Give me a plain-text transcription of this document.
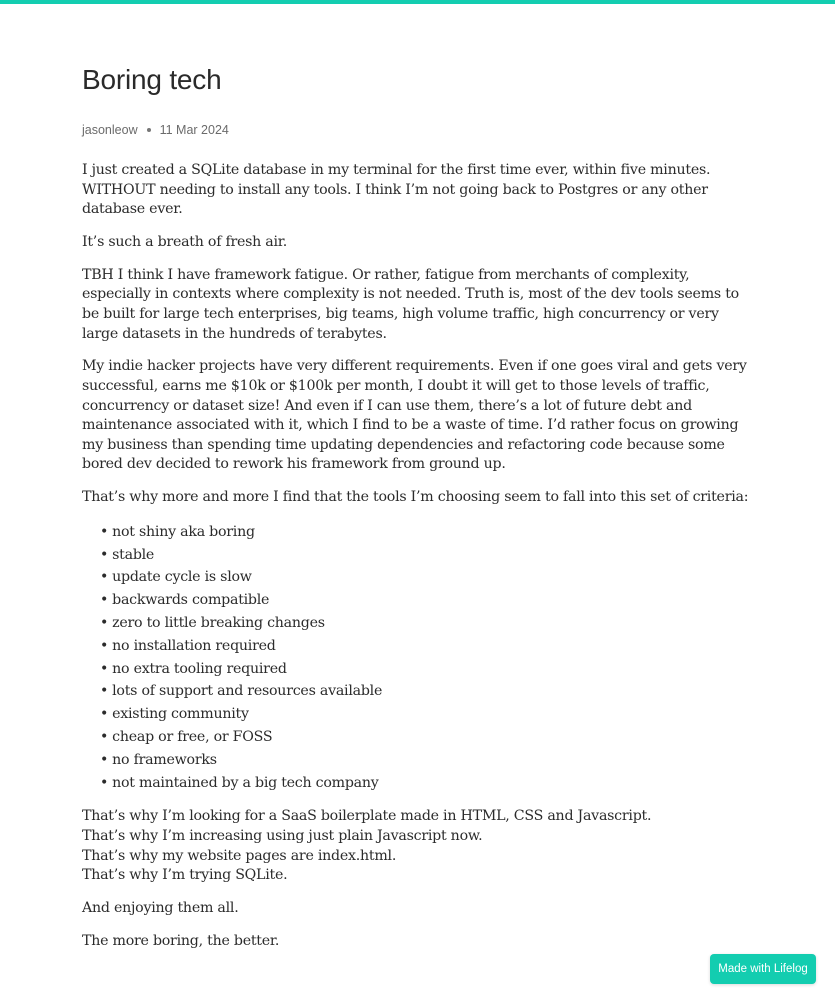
Boring tech
jasonleow 11 Mar 2024

I just created a SQLite database in my terminal for the first time ever, within five minutes. WITHOUT needing to install any tools. I think I’m not going back to Postgres or any other database ever.

It’s such a breath of fresh air.

TBH I think I have framework fatigue. Or rather, fatigue from merchants of complexity, especially in contexts where complexity is not needed. Truth is, most of the dev tools seems to be built for large tech enterprises, big teams, high volume traffic, high concurrency or very large datasets in the hundreds of terabytes.

My indie hacker projects have very different requirements. Even if one goes viral and gets very successful, earns me $10k or $100k per month, I doubt it will get to those levels of traffic, concurrency or dataset size! And even if I can use them, there’s a lot of future debt and maintenance associated with it, which I find to be a waste of time. I’d rather focus on growing my business than spending time updating dependencies and refactoring code because some bored dev decided to rework his framework from ground up.

That’s why more and more I find that the tools I’m choosing seem to fall into this set of criteria:

• not shiny aka boring
• stable
• update cycle is slow
• backwards compatible
• zero to little breaking changes
• no installation required
• no extra tooling required
• lots of support and resources available
• existing community
• cheap or free, or FOSS
• no frameworks
• not maintained by a big tech company

That’s why I’m looking for a SaaS boilerplate made in HTML, CSS and Javascript.
That’s why I’m increasing using just plain Javascript now.
That’s why my website pages are index.html.
That’s why I’m trying SQLite.

And enjoying them all.

The more boring, the better.

Made with Lifelog
